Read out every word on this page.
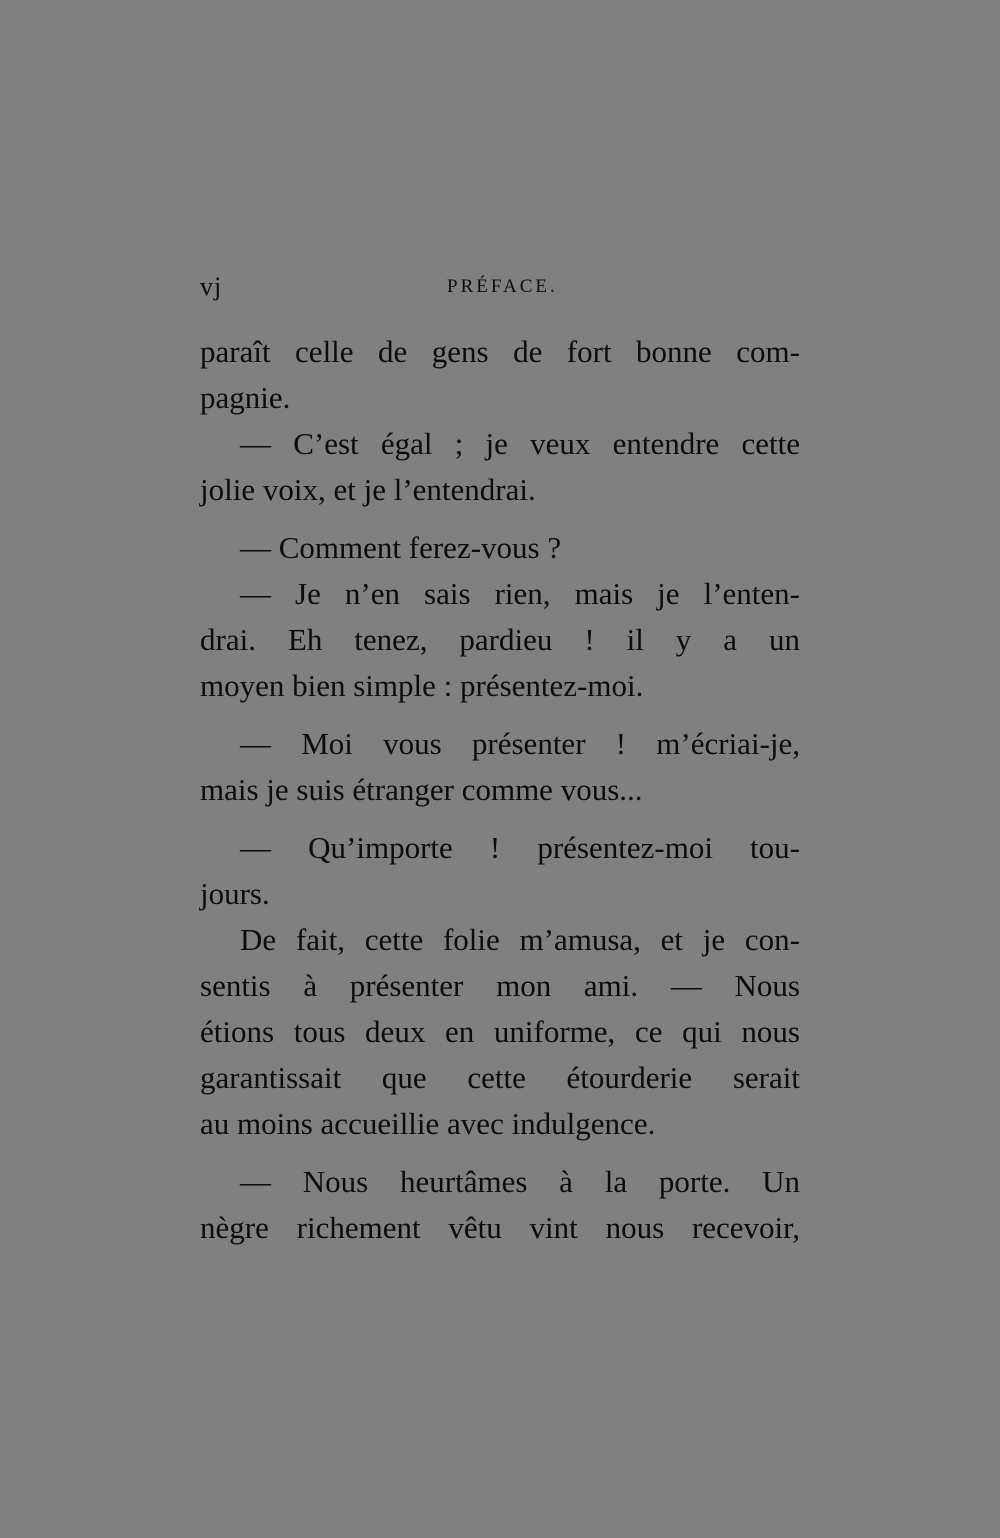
vj	PRÉFACE.
paraît celle de gens de fort bonne com-
pagnie.
— C’est égal ; je veux entendre cette
jolie voix, et je l’entendrai.
— Comment ferez-vous ?
— Je n’en sais rien, mais je l’enten-
drai. Eh tenez, pardieu ! il y a un
moyen bien simple : présentez-moi.
— Moi vous présenter ! m’écriai-je,
mais je suis étranger comme vous...
— Qu’importe ! présentez-moi tou-
jours.
De fait, cette folie m’amusa, et je con-
sentis à présenter mon ami. — Nous
étions tous deux en uniforme, ce qui nous
garantissait que cette étourderie serait
au moins accueillie avec indulgence.
— Nous heurtâmes à la porte. Un
nègre richement vêtu vint nous recevoir,
